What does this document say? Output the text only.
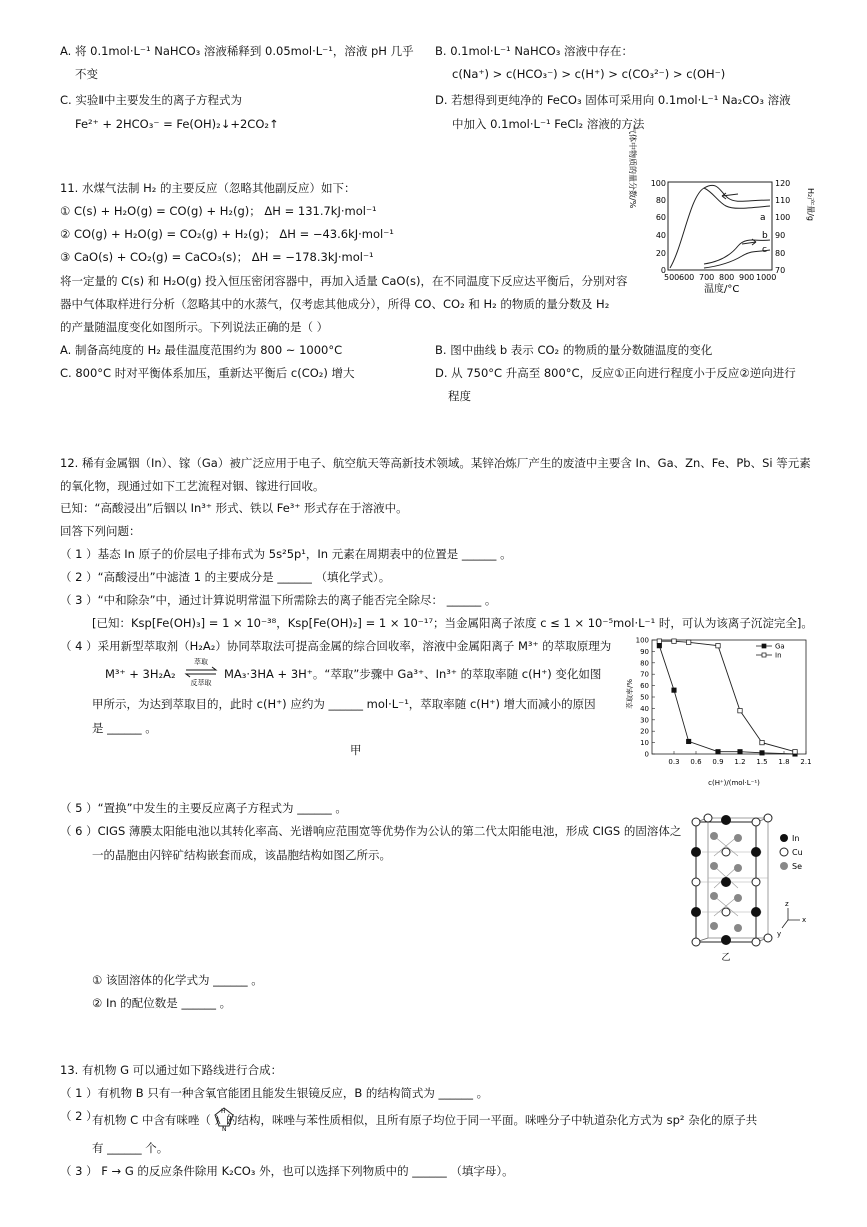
A. 将 0.1mol·L⁻¹ NaHCO₃ 溶液稀释到 0.05mol·L⁻¹，溶液 pH 几乎
不变
B. 0.1mol·L⁻¹ NaHCO₃ 溶液中存在：
c(Na⁺) > c(HCO₃⁻) > c(H⁺) > c(CO₃²⁻) > c(OH⁻)
C. 实验Ⅱ中主要发生的离子方程式为
Fe²⁺ + 2HCO₃⁻ = Fe(OH)₂↓+2CO₂↑
D. 若想得到更纯净的 FeCO₃ 固体可采用向 0.1mol·L⁻¹ Na₂CO₃ 溶液
中加入 0.1mol·L⁻¹ FeCl₂ 溶液的方法
11. 水煤气法制 H₂ 的主要反应（忽略其他副反应）如下：
① C(s) + H₂O(g) = CO(g) + H₂(g)； ΔH = 131.7kJ·mol⁻¹
② CO(g) + H₂O(g) = CO₂(g) + H₂(g)； ΔH = −43.6kJ·mol⁻¹
③ CaO(s) + CO₂(g) = CaCO₃(s)； ΔH = −178.3kJ·mol⁻¹
将一定量的 C(s) 和 H₂O(g) 投入恒压密闭容器中，再加入适量 CaO(s)，在不同温度下反应达平衡后，分别对容
器中气体取样进行分析（忽略其中的水蒸气，仅考虑其他成分），所得 CO、CO₂ 和 H₂ 的物质的量分数及 H₂
的产量随温度变化如图所示。下列说法正确的是（ ）
A. 制备高纯度的 H₂ 最佳温度范围约为 800 ~ 1000°C	B. 图中曲线 b 表示 CO₂ 的物质的量分数随温度的变化
C. 800°C 时对平衡体系加压，重新达平衡后 c(CO₂) 增大	D. 从 750°C 升高至 800°C，反应①正向进行程度小于反应②逆向进行
程度
气体中物质的量分数/%	H₂产量/g
0
20
40
60
80
100
70
80
90
100
110
120
500 600 700 800 900 1000
温度/°C
a
b
c
12. 稀有金属铟（In）、镓（Ga）被广泛应用于电子、航空航天等高新技术领域。某锌冶炼厂产生的废渣中主要含 In、Ga、Zn、Fe、Pb、Si 等元素
的氧化物，现通过如下工艺流程对铟、镓进行回收。
已知：“高酸浸出”后铟以 In³⁺ 形式、铁以 Fe³⁺ 形式存在于溶液中。
回答下列问题：
（ 1 ）基态 In 原子的价层电子排布式为 5s²5p¹，In 元素在周期表中的位置是 ______ 。
（ 2 ）“高酸浸出”中滤渣 1 的主要成分是 ______ （填化学式）。
（ 3 ）“中和除杂”中，通过计算说明常温下所需除去的离子能否完全除尽： ______ 。
[已知：Ksp[Fe(OH)₃] = 1 × 10⁻³⁸，Ksp[Fe(OH)₂] = 1 × 10⁻¹⁷；当金属阳离子浓度 c ≤ 1 × 10⁻⁵mol·L⁻¹ 时，可认为该离子沉淀完全]。
（ 4 ）采用新型萃取剂（H₂A₂）协同萃取法可提高金属的综合回收率，溶液中金属阳离子 M³⁺ 的萃取原理为
M³⁺ + 3H₂A₂
萃取
反萃取
MA₃·3HA + 3H⁺。“萃取”步骤中 Ga³⁺、In³⁺ 的萃取率随 c(H⁺) 变化如图
甲所示，为达到萃取目的，此时 c(H⁺) 应约为 ______ mol·L⁻¹，萃取率随 c(H⁺) 增大而减小的原因
是 ______ 。
甲
萃取率/%
c(H⁺)/(mol·L⁻¹)
0
10
20
30
40
50
60
70
80
90
100
0.3 0.6 0.9 1.2 1.5 1.8 2.1
Ga
In
（ 5 ）“置换”中发生的主要反应离子方程式为 ______ 。
（ 6 ）CIGS 薄膜太阳能电池以其转化率高、光谱响应范围宽等优势作为公认的第二代太阳能电池，形成 CIGS 的固溶体之
一的晶胞由闪锌矿结构嵌套而成，该晶胞结构如图乙所示。
In
Cu
Se
z
x
y
乙
① 该固溶体的化学式为 ______ 。
② In 的配位数是 ______ 。
13. 有机物 G 可以通过如下路线进行合成：
（ 1 ）有机物 B 只有一种含氧官能团且能发生银镜反应，B 的结构简式为 ______ 。
（ 2 ）
有机物 C 中含有咪唑（ ）的结构，咪唑与苯性质相似，且所有原子均位于同一平面。咪唑分子中轨道杂化方式为 sp² 杂化的原子共
H
N
有 ______ 个。
（ 3 ） F → G 的反应条件除用 K₂CO₃ 外，也可以选择下列物质中的 ______ （填字母）。
